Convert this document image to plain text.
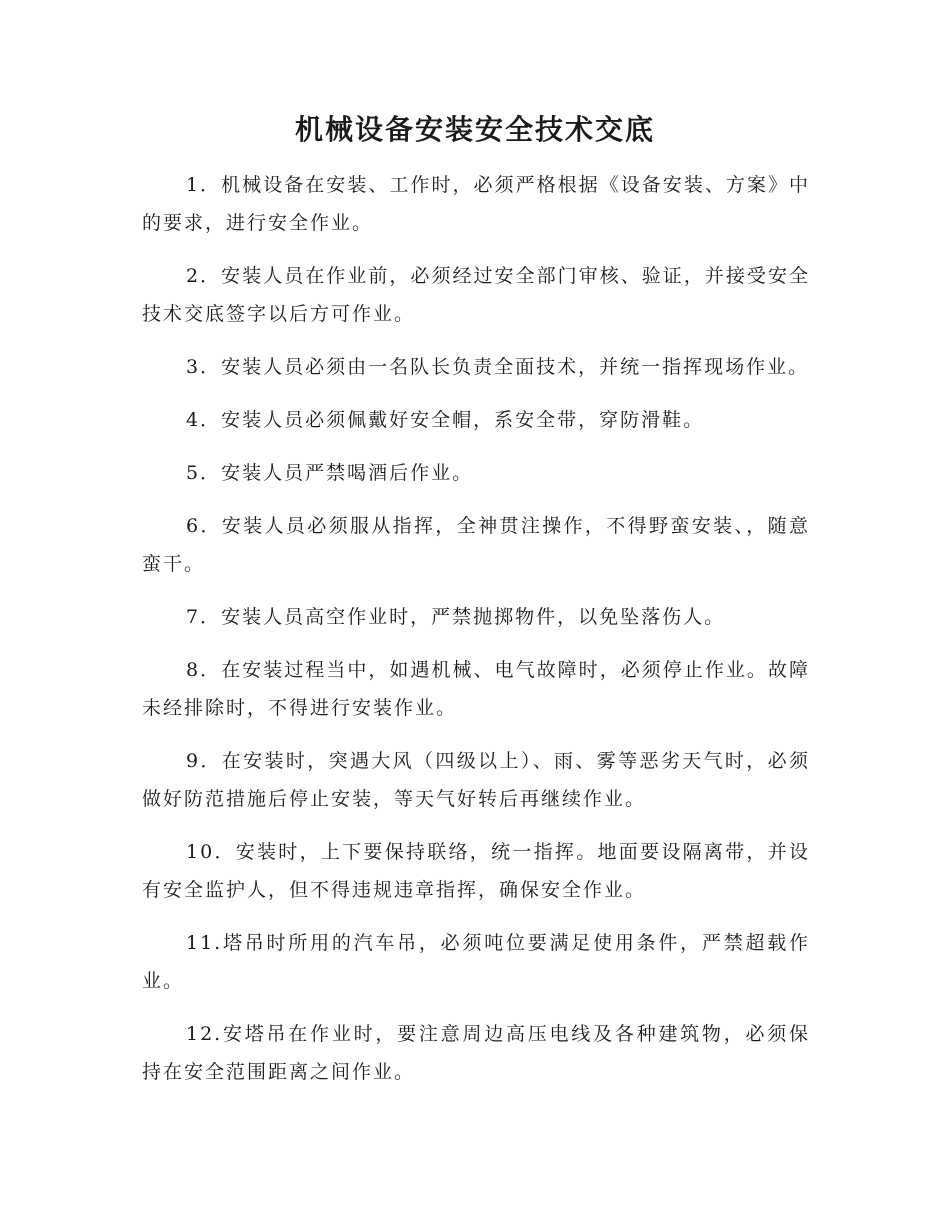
机械设备安装安全技术交底
1．机械设备在安装、工作时，必须严格根据《设备安装、方案》中的要求，进行安全作业。
2．安装人员在作业前，必须经过安全部门审核、验证，并接受安全技术交底签字以后方可作业。
3．安装人员必须由一名队长负责全面技术，并统一指挥现场作业。
4．安装人员必须佩戴好安全帽，系安全带，穿防滑鞋。
5．安装人员严禁喝酒后作业。
6．安装人员必须服从指挥，全神贯注操作，不得野蛮安装、，随意蛮干。
7．安装人员高空作业时，严禁抛掷物件，以免坠落伤人。
8．在安装过程当中，如遇机械、电气故障时，必须停止作业。故障未经排除时，不得进行安装作业。
9．在安装时，突遇大风（四级以上）、雨、雾等恶劣天气时，必须做好防范措施后停止安装，等天气好转后再继续作业。
10．安装时，上下要保持联络，统一指挥。地面要设隔离带，并设有安全监护人，但不得违规违章指挥，确保安全作业。
11.塔吊时所用的汽车吊，必须吨位要满足使用条件，严禁超载作业。
12.安塔吊在作业时，要注意周边高压电线及各种建筑物，必须保持在安全范围距离之间作业。
